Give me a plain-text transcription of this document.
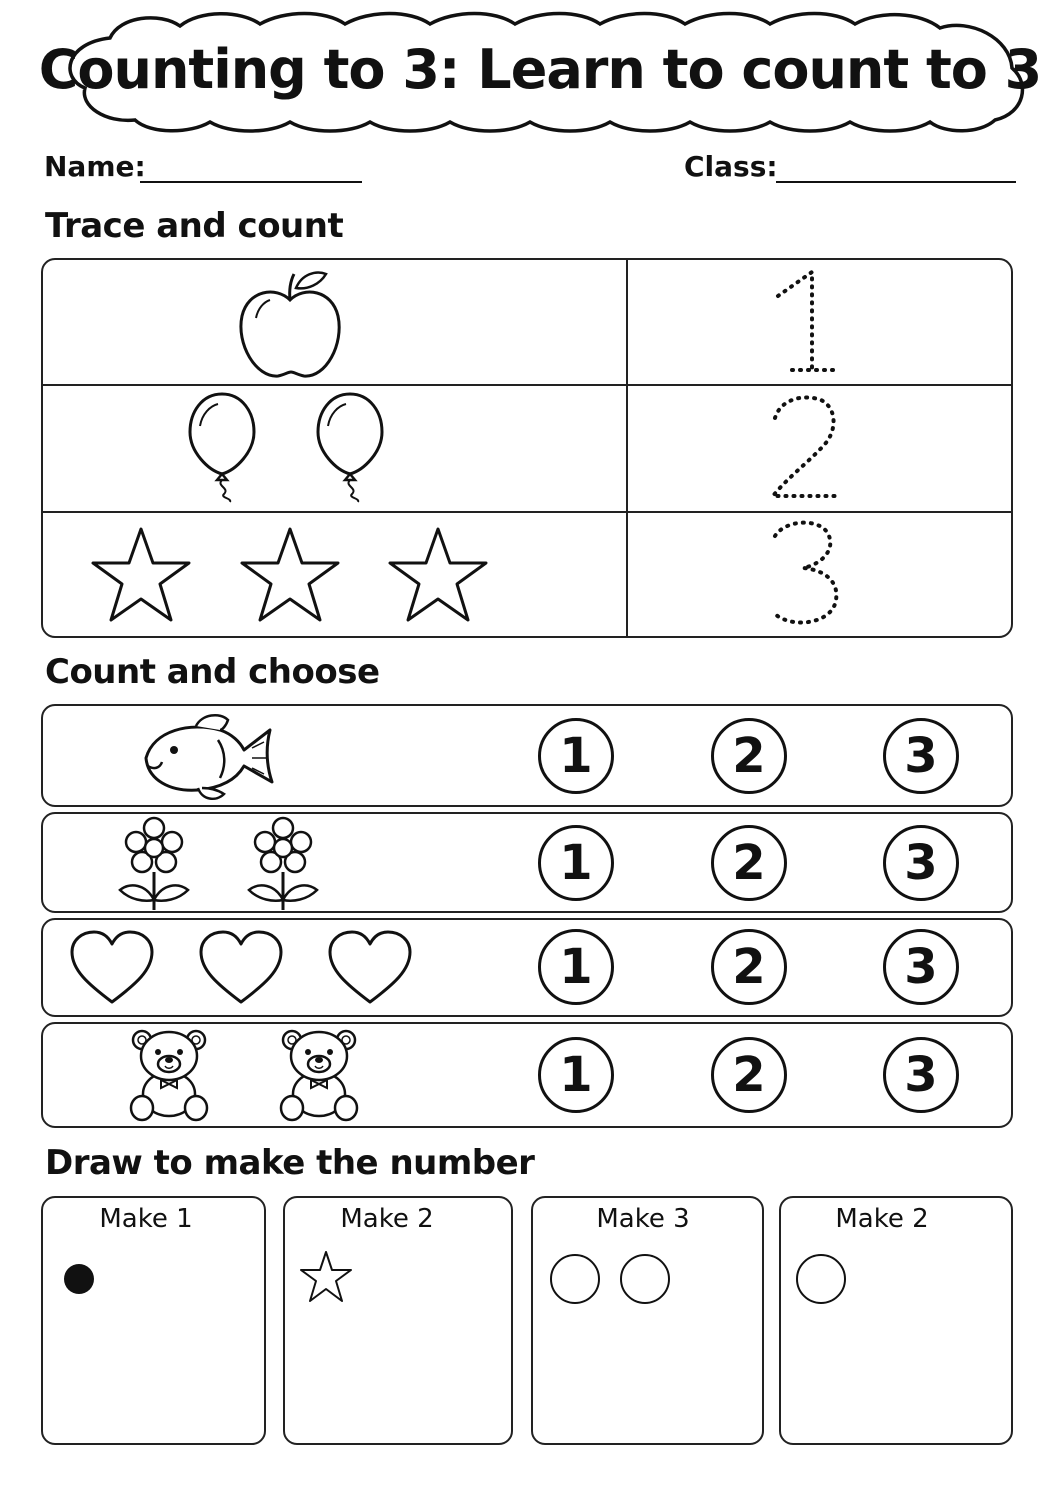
Counting to 3: Learn to count to 3
Name:	Class:
Trace and count
Count and choose
1	2	3
1	2	3
1	2	3
1	2	3
Draw to make the number
Make 1	Make 2	Make 3	Make 2
